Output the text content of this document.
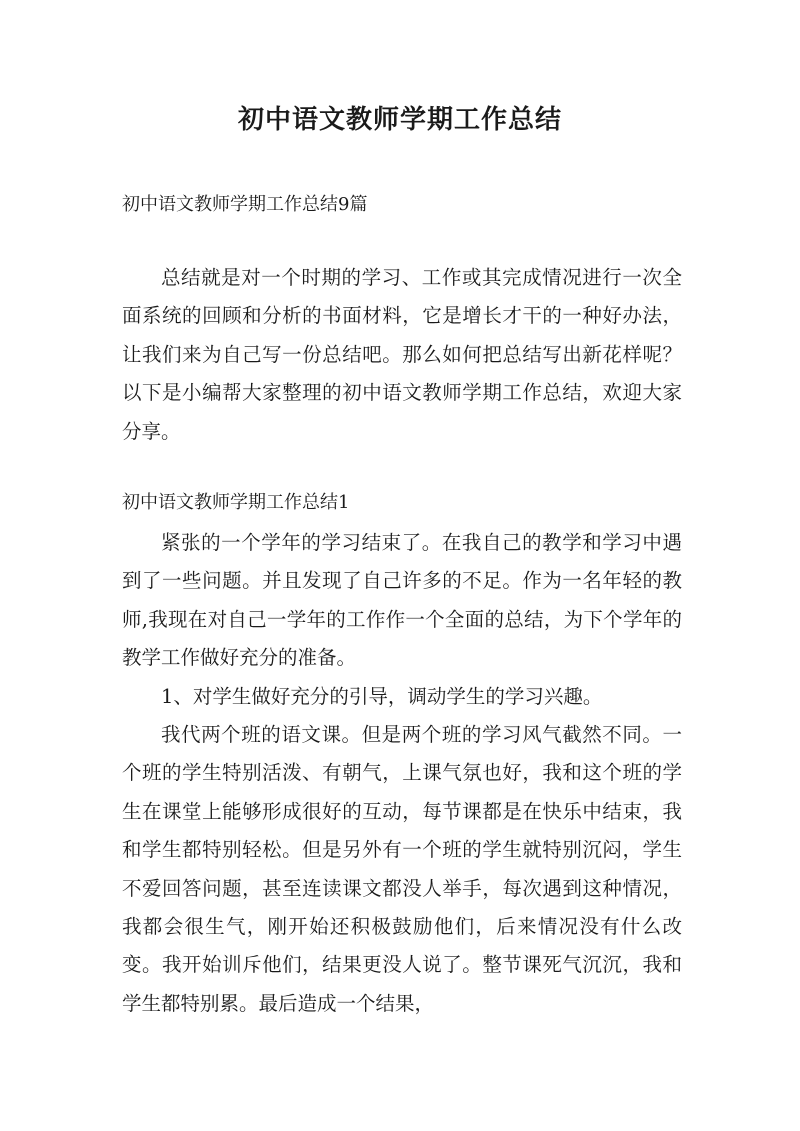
初中语文教师学期工作总结

初中语文教师学期工作总结9篇

总结就是对一个时期的学习、工作或其完成情况进行一次全面系统的回顾和分析的书面材料，它是增长才干的一种好办法，让我们来为自己写一份总结吧。那么如何把总结写出新花样呢？以下是小编帮大家整理的初中语文教师学期工作总结，欢迎大家分享。

初中语文教师学期工作总结1

紧张的一个学年的学习结束了。在我自己的教学和学习中遇到了一些问题。并且发现了自己许多的不足。作为一名年轻的教师,我现在对自己一学年的工作作一个全面的总结，为下个学年的教学工作做好充分的准备。

1、对学生做好充分的引导，调动学生的学习兴趣。

我代两个班的语文课。但是两个班的学习风气截然不同。一个班的学生特别活泼、有朝气，上课气氛也好，我和这个班的学生在课堂上能够形成很好的互动，每节课都是在快乐中结束，我和学生都特别轻松。但是另外有一个班的学生就特别沉闷，学生不爱回答问题，甚至连读课文都没人举手，每次遇到这种情况，我都会很生气，刚开始还积极鼓励他们，后来情况没有什么改变。我开始训斥他们，结果更没人说了。整节课死气沉沉，我和学生都特别累。最后造成一个结果，
